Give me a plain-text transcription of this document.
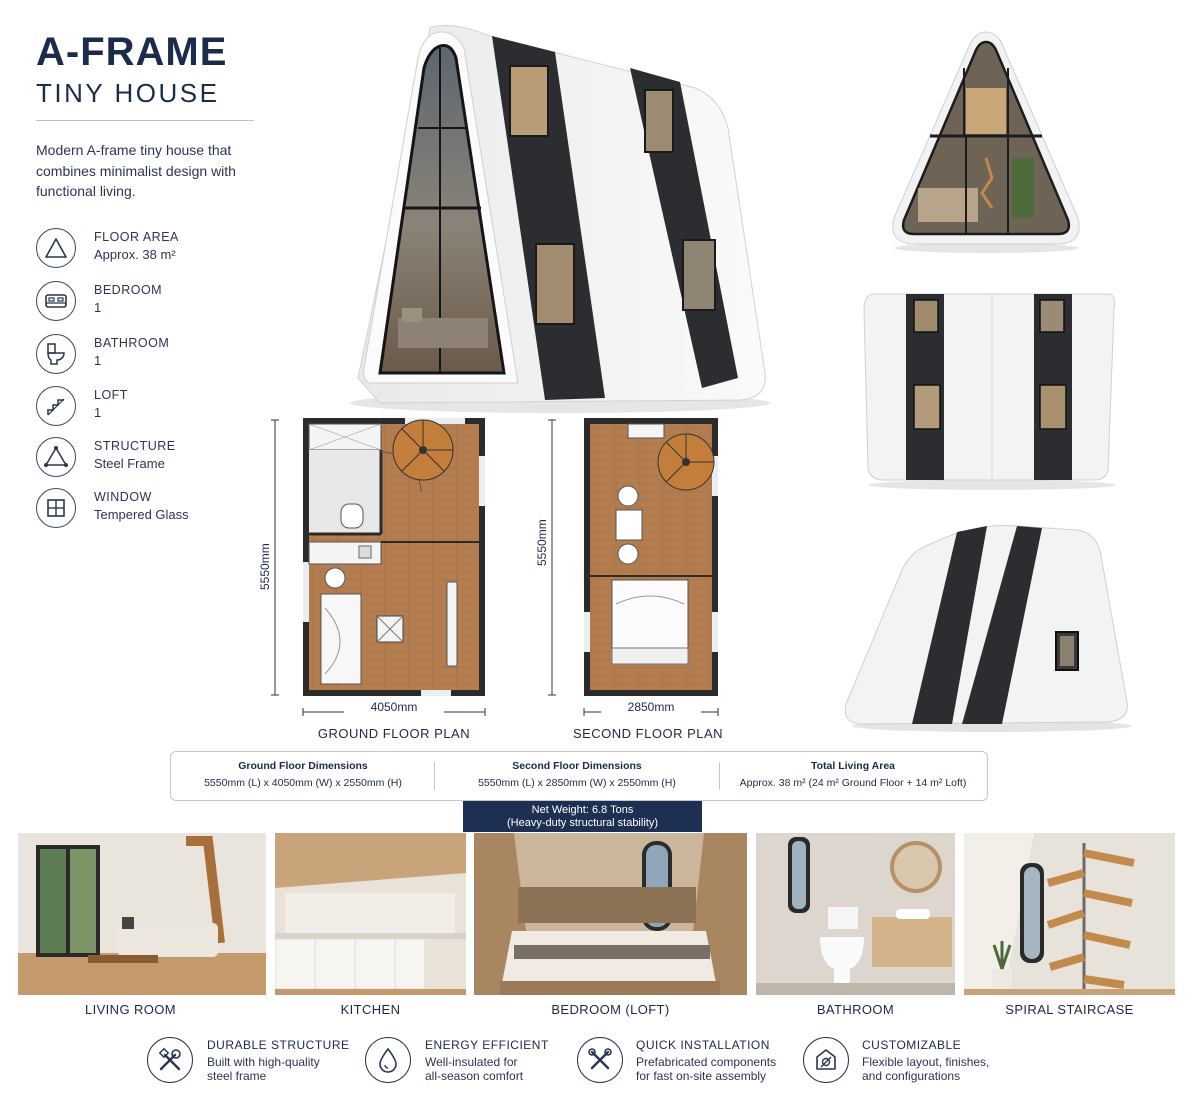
A-FRAME
TINY HOUSE
Modern A-frame tiny house that combines minimalist design with functional living.
FLOOR AREA
Approx. 38 m²
BEDROOM
1
BATHROOM
1
LOFT
1
STRUCTURE
Steel Frame
WINDOW
Tempered Glass
5550mm
4050mm
GROUND FLOOR PLAN
5550mm
2850mm
SECOND FLOOR PLAN
Ground Floor Dimensions
5550mm (L) x 4050mm (W) x 2550mm (H)
Second Floor Dimensions
5550mm (L) x 2850mm (W) x 2550mm (H)
Total Living Area
Approx. 38 m² (24 m² Ground Floor + 14 m² Loft)
Net Weight: 6.8 Tons
(Heavy-duty structural stability)
LIVING ROOM	KITCHEN	BEDROOM (LOFT)	BATHROOM	SPIRAL STAIRCASE
DURABLE STRUCTURE
Built with high-quality
steel frame
ENERGY EFFICIENT
Well-insulated for
all-season comfort
QUICK INSTALLATION
Prefabricated components
for fast on-site assembly
CUSTOMIZABLE
Flexible layout, finishes,
and configurations
